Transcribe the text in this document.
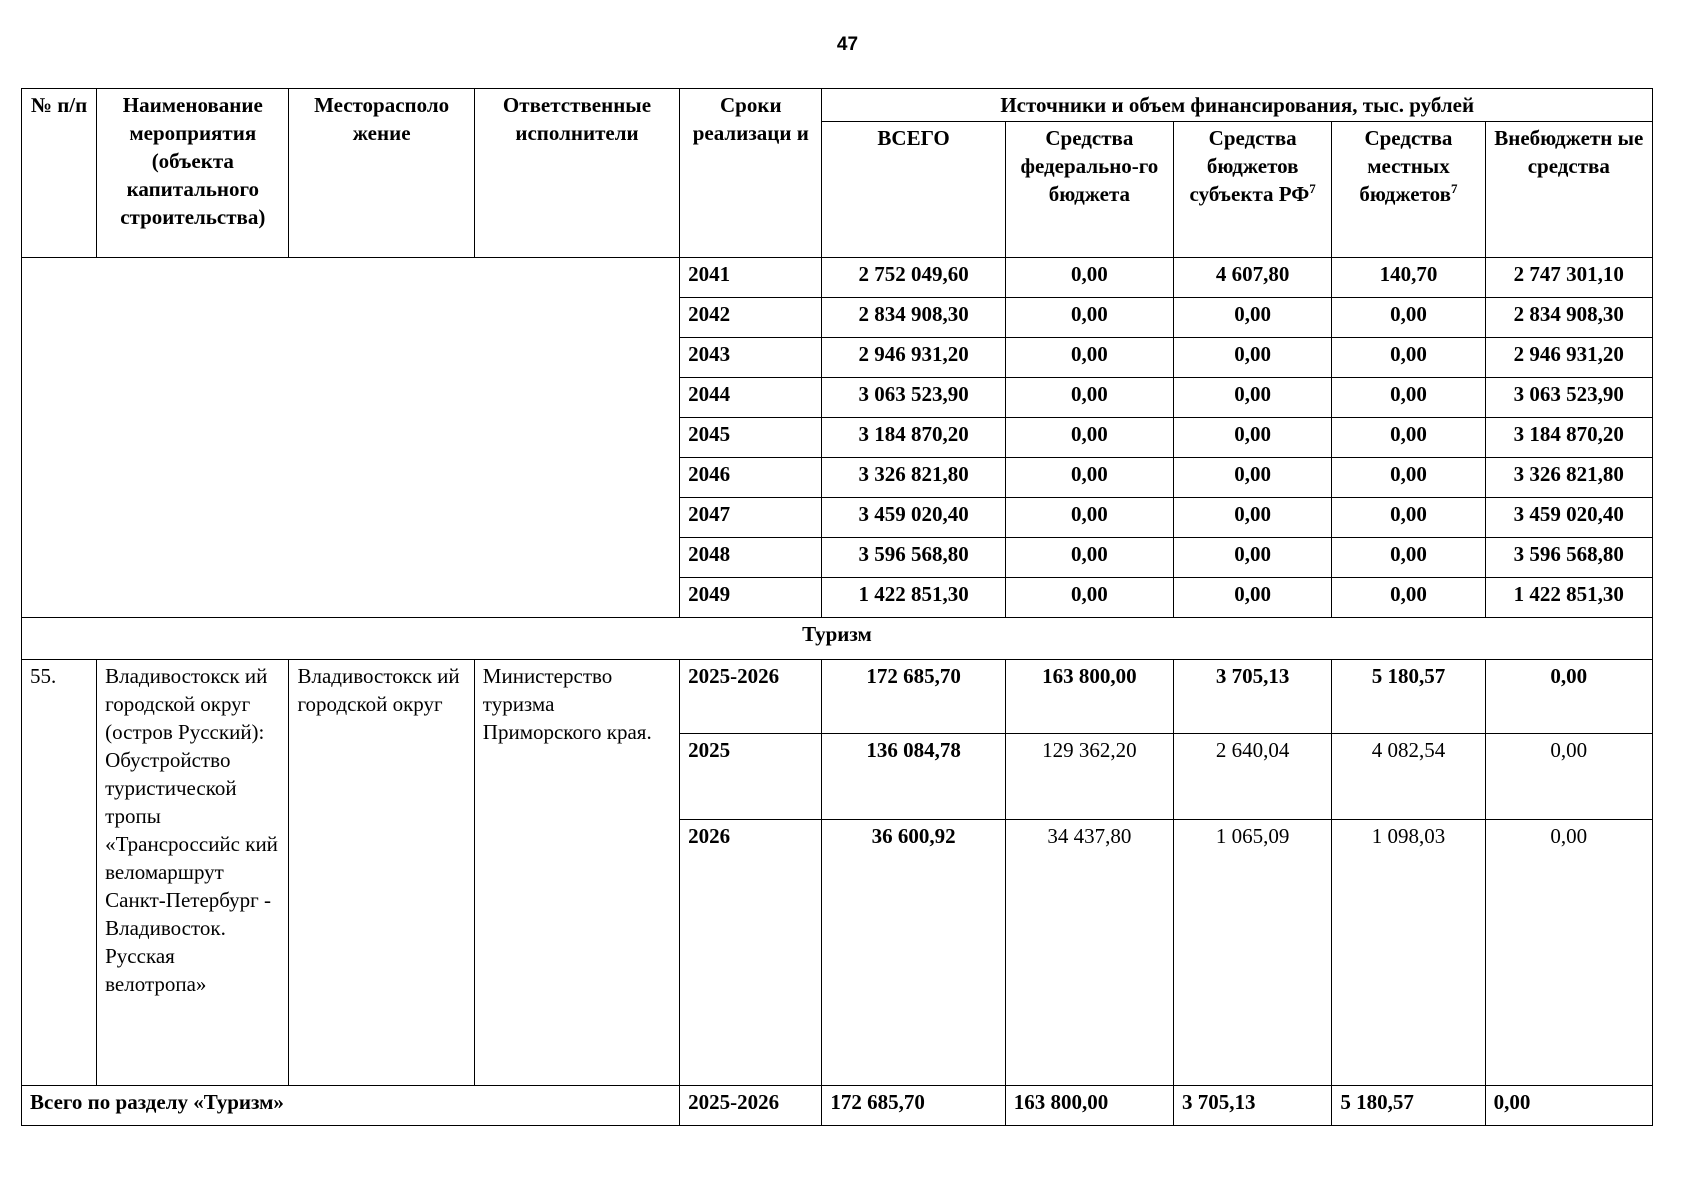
47
№ п/п	Наименование мероприятия (объекта капитального строительства)	Месторасполо жение	Ответственные исполнители	Сроки реализаци и	Источники и объем финансирования, тыс. рублей				
					ВСЕГО	Средства федерально-го бюджета	Средства бюджетов субъекта $РФ^7$	Средства местных бюджетов$^7$	Внебюджетн ые средства
				2041	2 752 049,60	0,00	4 607,80	140,70	2 747 301,10
				2042	2 834 908,30	0,00	0,00	0,00	2 834 908,30
				2043	2 946 931,20	0,00	0,00	0,00	2 946 931,20
				2044	3 063 523,90	0,00	0,00	0,00	3 063 523,90
				2045	3 184 870,20	0,00	0,00	0,00	3 184 870,20
				2046	3 326 821,80	0,00	0,00	0,00	3 326 821,80
				2047	3 459 020,40	0,00	0,00	0,00	3 459 020,40
				2048	3 596 568,80	0,00	0,00	0,00	3 596 568,80
				2049	1 422 851,30	0,00	0,00	0,00	1 422 851,30
Туризм									
55.	Владивостокск ий городской округ (остров Русский): Обустройство туристической тропы «Трансроссийс кий веломаршрут Санкт-Петербург - Владивосток. Русская велотропа»	Владивостокск ий городской округ	Министерство туризма Приморского края.	2025-2026	172 685,70	163 800,00	3 705,13	5 180,57	0,00
				2025	136 084,78	129 362,20	2 640,04	4 082,54	0,00
				2026	36 600,92	34 437,80	1 065,09	1 098,03	0,00
Всего по разделу «Туризм»				2025-2026	172 685,70	163 800,00	3 705,13	5 180,57	0,00
